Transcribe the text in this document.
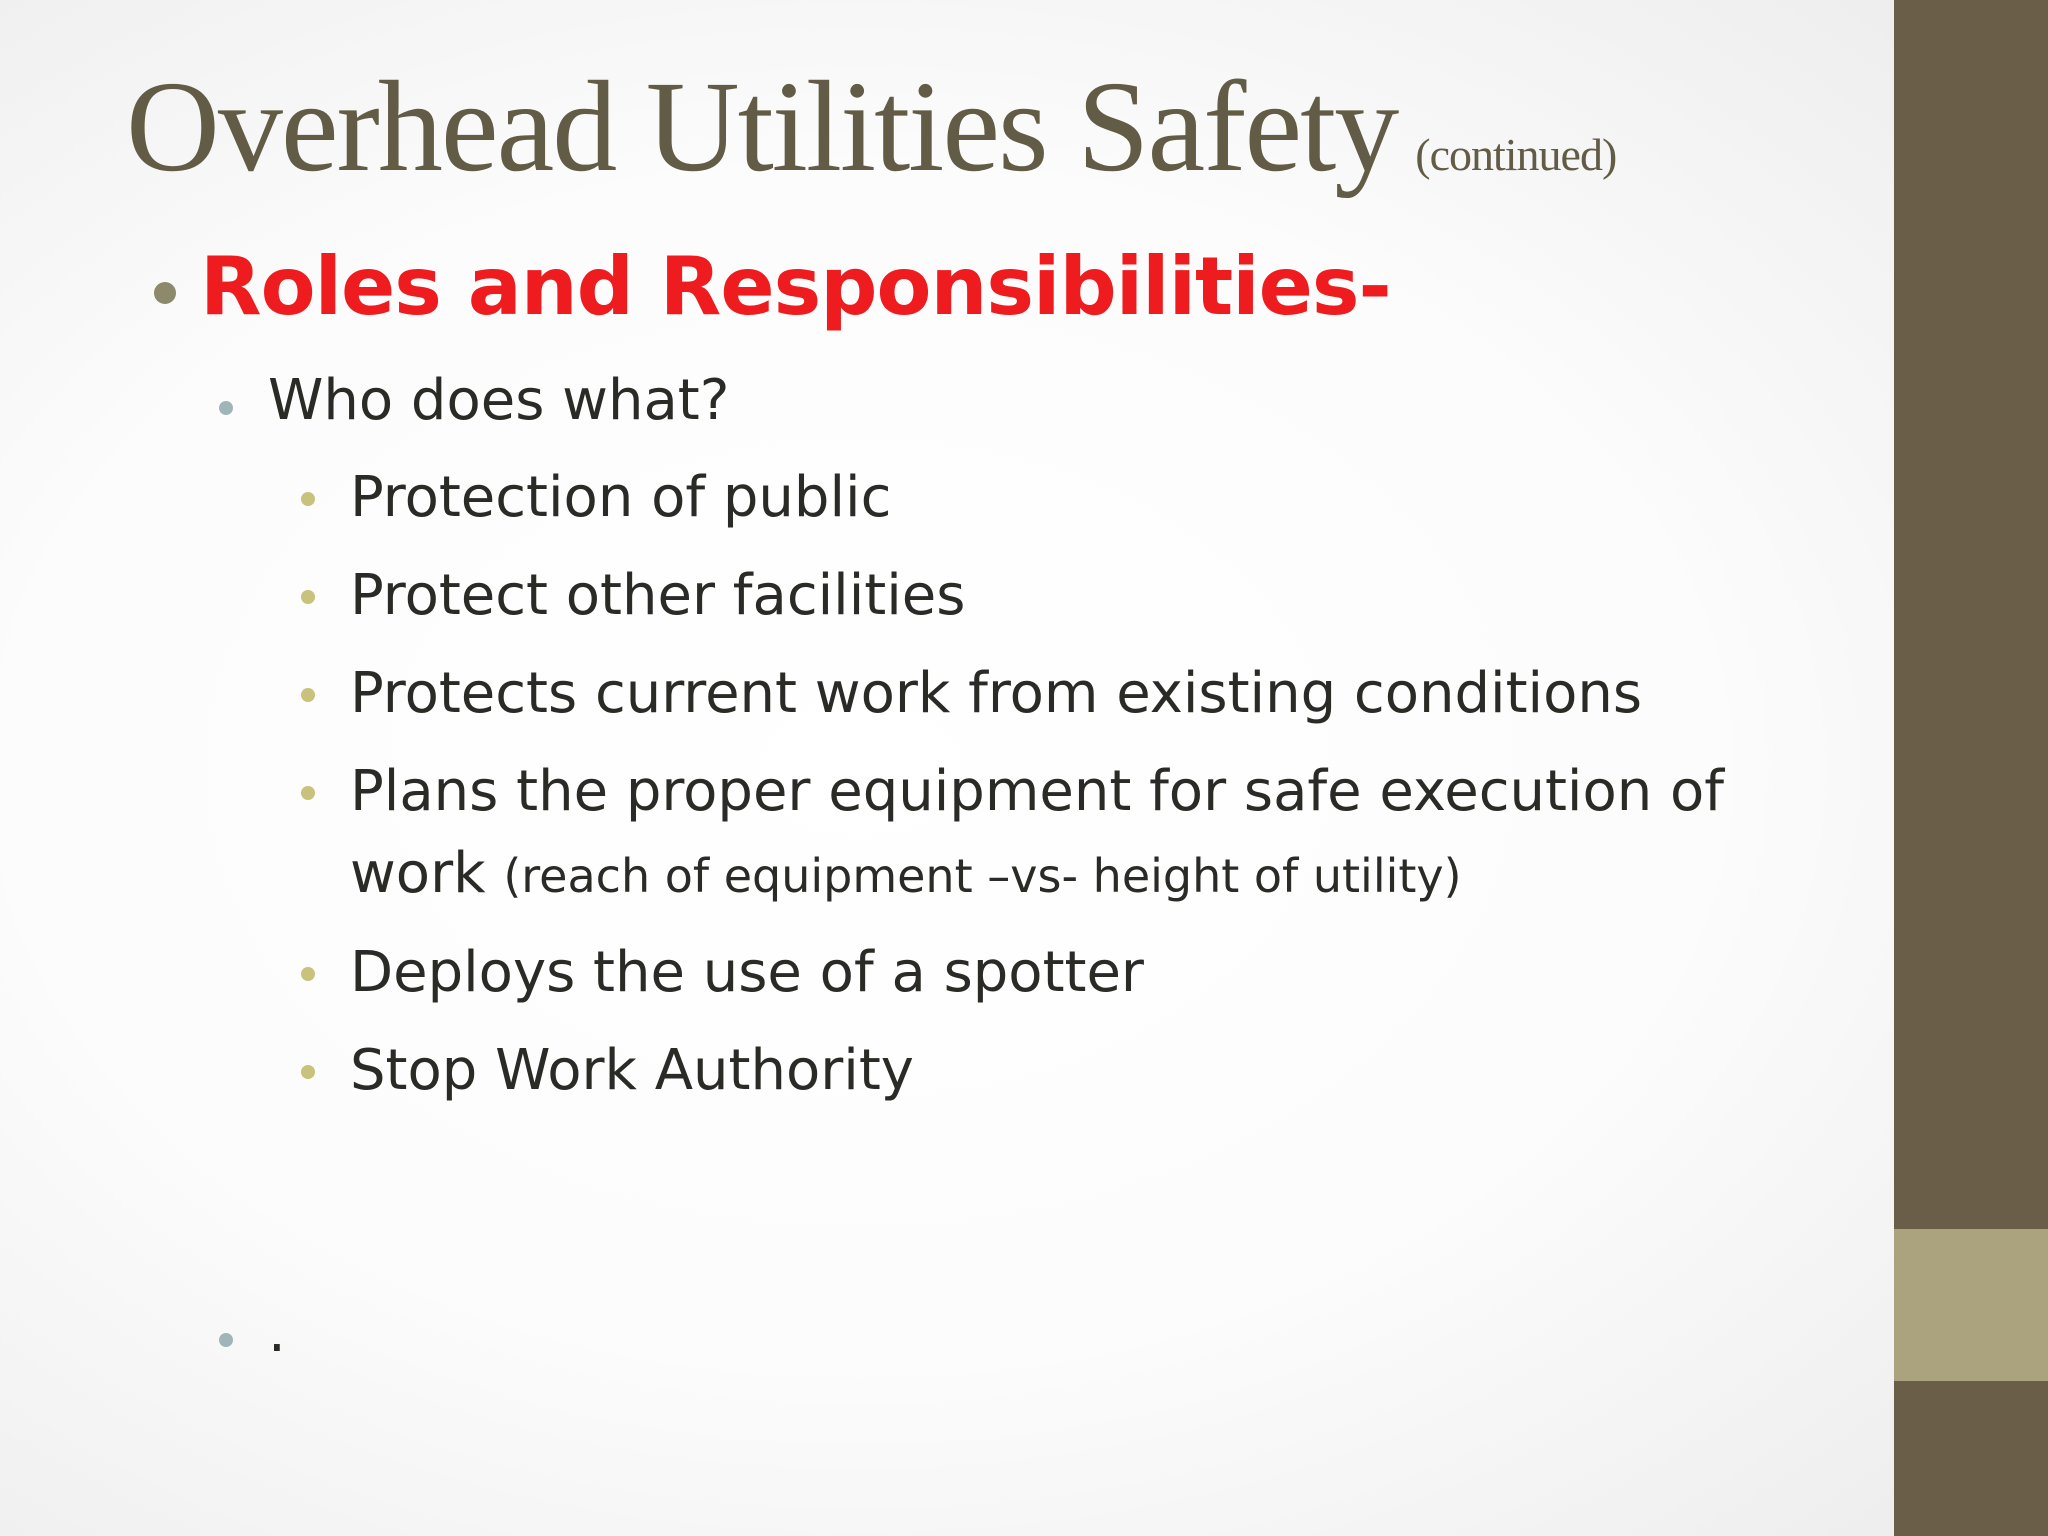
Overhead Utilities Safety (continued)
Roles and Responsibilities-
Who does what?
Protection of public
Protect other facilities
Protects current work from existing conditions
Plans the proper equipment for safe execution of
work (reach of equipment –vs- height of utility)
Deploys the use of a spotter
Stop Work Authority
.
